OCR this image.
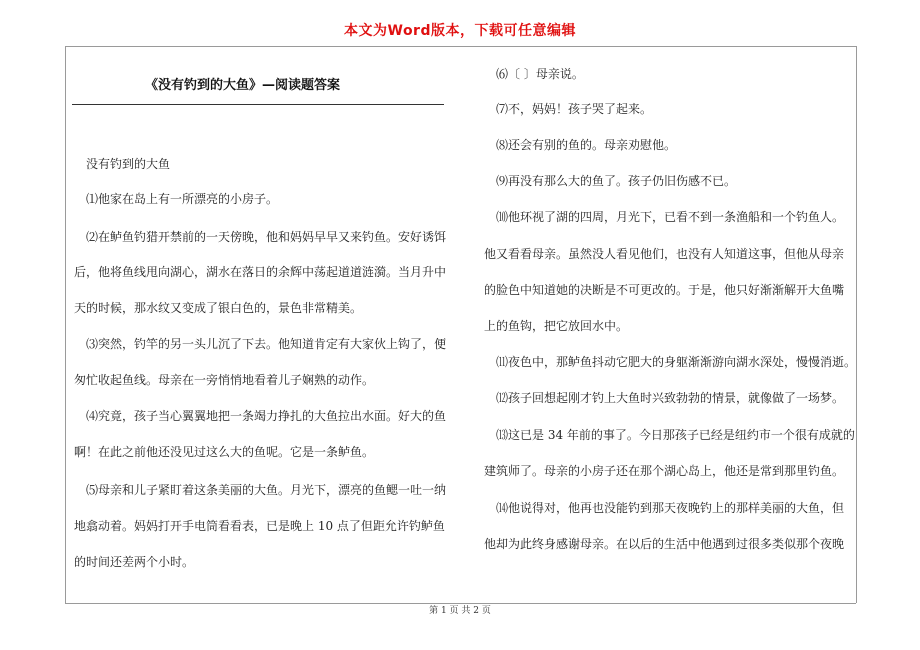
本文为Word版本，下载可任意编辑
《没有钓到的大鱼》—阅读题答案

没有钓到的大鱼

⑴他家在岛上有一所漂亮的小房子。

⑵在鲈鱼钓猎开禁前的一天傍晚，他和妈妈早早又来钓鱼。安好诱饵

后，他将鱼线甩向湖心，湖水在落日的余辉中荡起道道涟漪。当月升中

天的时候，那水纹又变成了银白色的，景色非常精美。

⑶突然，钓竿的另一头儿沉了下去。他知道肯定有大家伙上钩了，便

匆忙收起鱼线。母亲在一旁悄悄地看着儿子娴熟的动作。

⑷究竟，孩子当心翼翼地把一条竭力挣扎的大鱼拉出水面。好大的鱼

啊！在此之前他还没见过这么大的鱼呢。它是一条鲈鱼。

⑸母亲和儿子紧盯着这条美丽的大鱼。月光下，漂亮的鱼鳃一吐一纳

地翕动着。妈妈打开手电筒看看表，已是晚上 10 点了但距允许钓鲈鱼

的时间还差两个小时。

⑹〔 〕母亲说。

⑺不，妈妈！孩子哭了起来。

⑻还会有别的鱼的。母亲劝慰他。

⑼再没有那么大的鱼了。孩子仍旧伤感不已。

⑽他环视了湖的四周，月光下，已看不到一条渔船和一个钓鱼人。

他又看看母亲。虽然没人看见他们，也没有人知道这事，但他从母亲

的脸色中知道她的决断是不可更改的。于是，他只好渐渐解开大鱼嘴

上的鱼钩，把它放回水中。

⑾夜色中，那鲈鱼抖动它肥大的身躯渐渐游向湖水深处，慢慢消逝。

⑿孩子回想起刚才钓上大鱼时兴致勃勃的情景，就像做了一场梦。

⒀这已是 34 年前的事了。今日那孩子已经是纽约市一个很有成就的

建筑师了。母亲的小房子还在那个湖心岛上，他还是常到那里钓鱼。

⒁他说得对，他再也没能钓到那天夜晚钓上的那样美丽的大鱼，但

他却为此终身感谢母亲。在以后的生活中他遇到过很多类似那个夜晚

第 1 页 共 2 页
